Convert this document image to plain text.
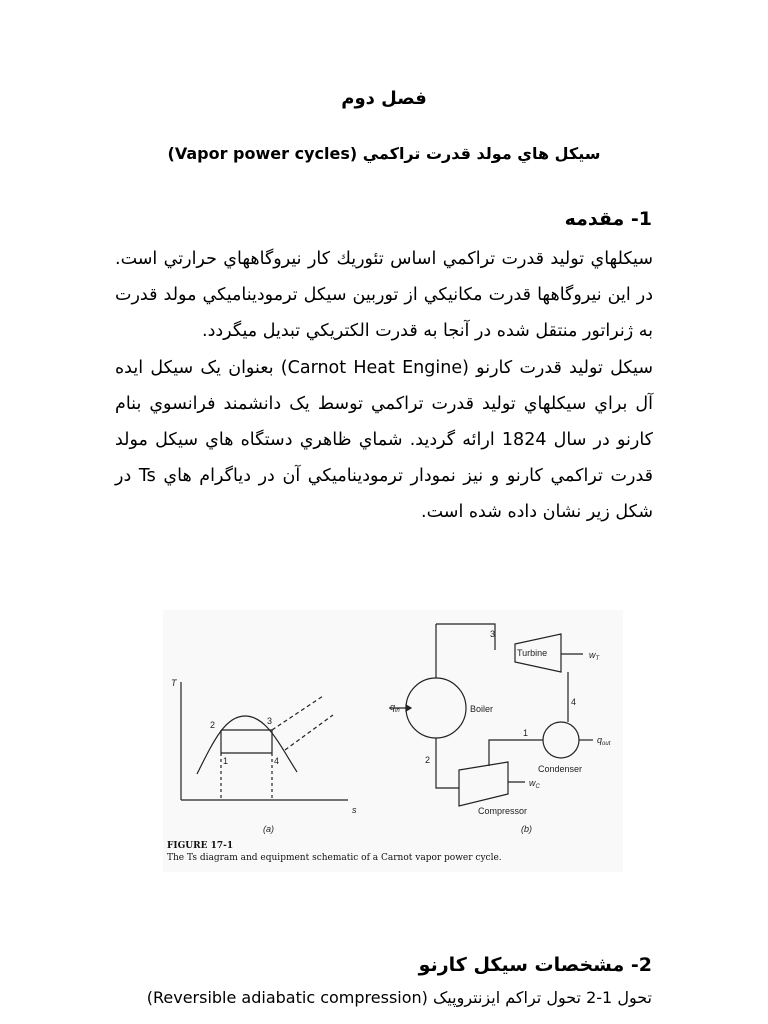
فصل دوم
سيكل هاي مولد قدرت تراكمي (Vapor power cycles)
1- مقدمه

سيكلهاي توليد قدرت تراكمي اساس تئوريك كار نيروگاههاي حرارتي است. در اين نيروگاهها قدرت مكانيكي از توربين سيكل ترموديناميكي مولد قدرت به ژنراتور منتقل شده در آنجا به قدرت الكتريكي تبديل ميگردد.

سيكل توليد قدرت كارنو (Carnot Heat Engine) بعنوان يک سيكل ايده آل براي سيكلهاي توليد قدرت تراكمي توسط يک دانشمند فرانسوي بنام كارنو در سال 1824 ارائه گرديد. شماي ظاهري دستگاه هاي سيكل مولد قدرت تراكمي كارنو و نيز نمودار ترموديناميكي آن در دياگرام هاي Ts در شكل زير نشان داده شده است.

T
s
1
2	3
4
(a)
3
Boiler
$q_{in}$
Turbine	$w_T$
4
Condenser
$q_{out}$
1
Compressor
$w_C$
2
(b)
FIGURE 17-1
The Ts diagram and equipment schematic of a Carnot vapor power cycle.
2- مشخصات سيكل كارنو
تحول 1-2 تحول تراكم ايزنتروپيک (Reversible adiabatic compression)
